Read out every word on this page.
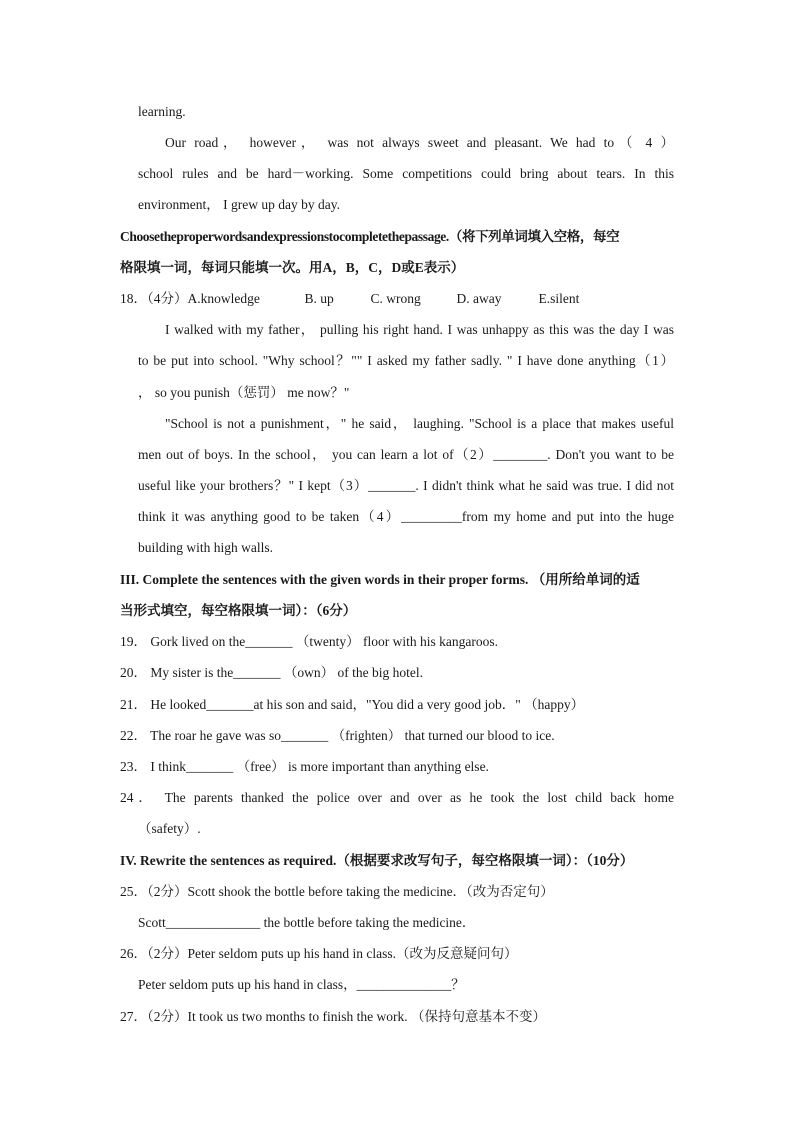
learning.
Our road， however， was not always sweet and pleasant. We had to（ 4 ）
school rules and be hard－working. Some competitions could bring about tears. In this
environment， I grew up day by day.
Choosetheproperwordsandexpressionstocompletethepassage.（将下列单词填入空格，每空
格限填一词，每词只能填一次。用A，B，C，D或E表示）
18．（4分）A.knowledge	B. up	C. wrong	D. away	E.silent
I walked with my father， pulling his right hand. I was unhappy as this was the day I was
to be put into school. "Why school？"" I asked my father sadly. " I have done anything（1）
， so you punish（惩罚） me now？"
"School is not a punishment，" he said， laughing. "School is a place that makes useful
men out of boys. In the school， you can learn a lot of（2）________. Don't you want to be
useful like your brothers？" I kept（3）_______. I didn't think what he said was true. I did not
think it was anything good to be taken（4）_________from my home and put into the huge
building with high walls.
III. Complete the sentences with the given words in their proper forms. （用所给单词的适
当形式填空，每空格限填一词）：（6分）
19． Gork lived on the_______ （twenty） floor with his kangaroos.
20． My sister is the_______ （own） of the big hotel.
21． He looked_______at his son and said，"You did a very good job．" （happy）
22． The roar he gave was so_______ （frighten） that turned our blood to ice.
23． I think_______ （free） is more important than anything else.
24． The parents thanked the police over and over as he took the lost child back home
（safety）.
IV. Rewrite the sentences as required.（根据要求改写句子，每空格限填一词）：（10分）
25．（2分）Scott shook the bottle before taking the medicine．（改为否定句）
Scott______________ the bottle before taking the medicine．
26．（2分）Peter seldom puts up his hand in class.（改为反意疑问句）
Peter seldom puts up his hand in class，______________？
27．（2分）It took us two months to finish the work. （保持句意基本不变）
